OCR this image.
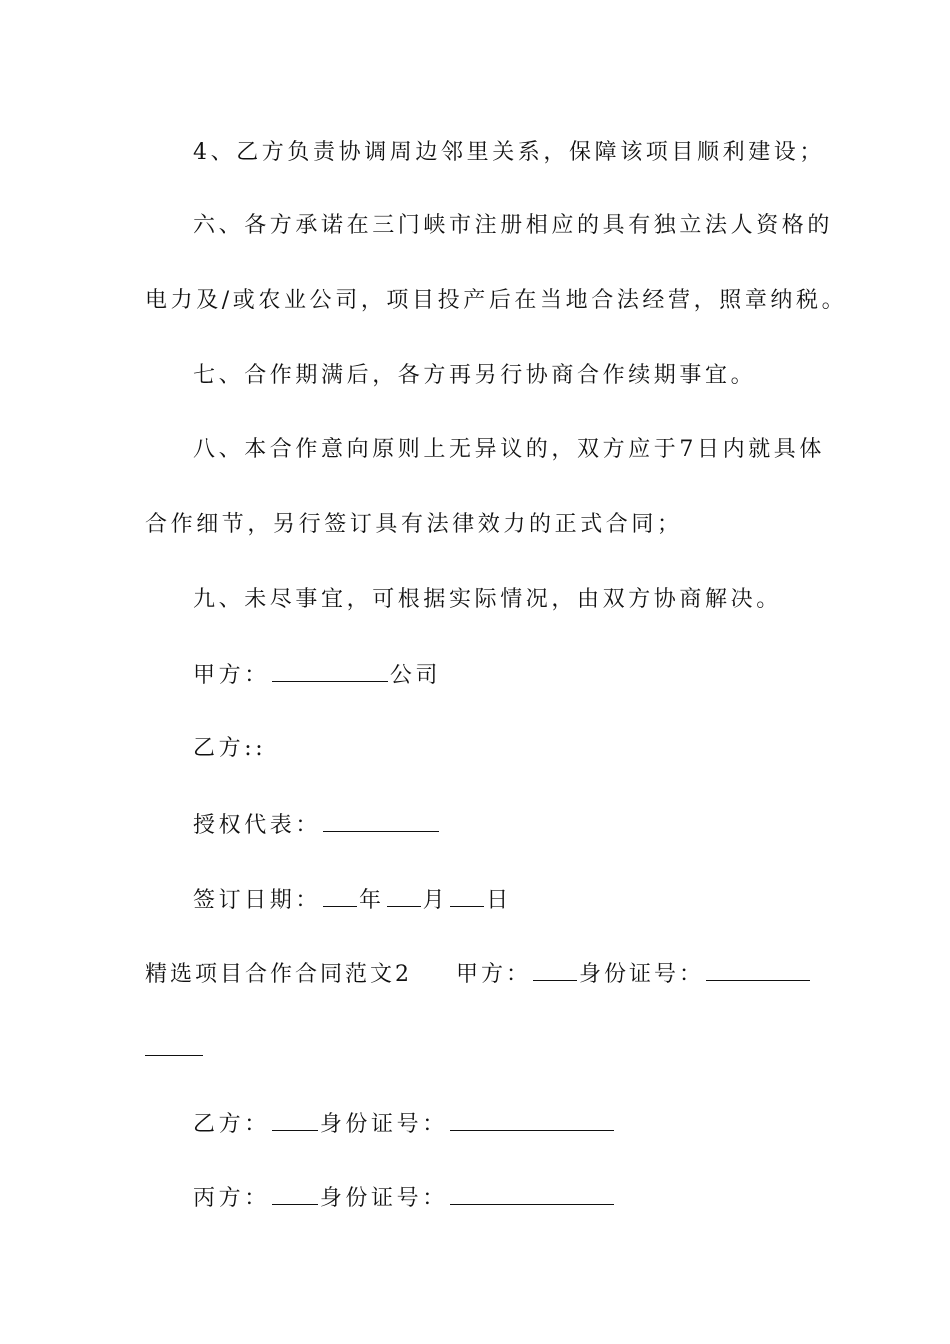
4、乙方负责协调周边邻里关系，保障该项目顺利建设；
六、各方承诺在三门峡市注册相应的具有独立法人资格的
电力及/或农业公司，项目投产后在当地合法经营，照章纳税。
七、合作期满后，各方再另行协商合作续期事宜。
八、本合作意向原则上无异议的，双方应于7日内就具体
合作细节，另行签订具有法律效力的正式合同；
九、未尽事宜，可根据实际情况，由双方协商解决。
甲方：	公司
乙方::
授权代表：
签订日期： 年 月 日
精选项目合作合同范文2 甲方： 身份证号：
乙方： 身份证号：
丙方： 身份证号：
